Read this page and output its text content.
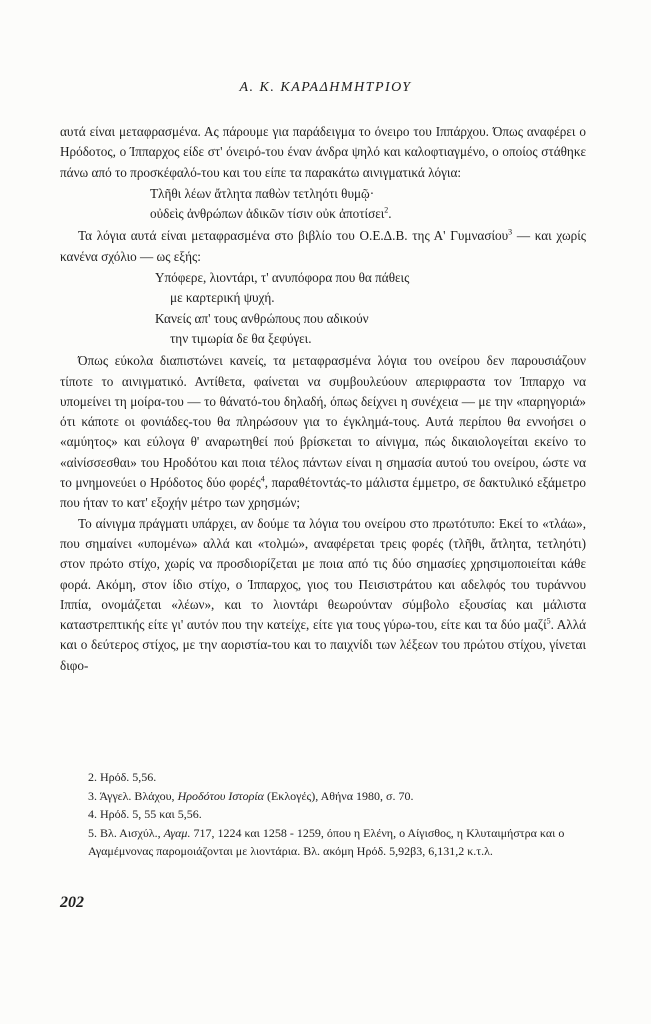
Α. Κ. ΚΑΡΑΔΗΜΗΤΡΙΟΥ

αυτά είναι μεταφρασμένα. Ας πάρουμε για παράδειγμα το όνειρο του Ιππάρχου. Όπως αναφέρει ο Ηρόδοτος, ο Ίππαρχος είδε στ' όνειρό-του έναν άνδρα ψηλό και καλοφτιαγμένο, ο οποίος στάθηκε πάνω από το προσκέφαλό-του και του είπε τα παρακάτω αινιγματικά λόγια:

Τλῆθι λέων ἄτλητα παθὼν τετληότι θυμῷ·

οὐδεὶς ἀνθρώπων ἀδικῶν τίσιν οὐκ ἀποτίσει$^2$.

Τα λόγια αυτά είναι μεταφρασμένα στο βιβλίο του Ο.Ε.Δ.Β. της Α' Γυμνασίου$^3$ — και χωρίς κανένα σχόλιο — ως εξής:

Υπόφερε, λιοντάρι, τ' ανυπόφορα που θα πάθεις

με καρτερική ψυχή.

Κανείς απ' τους ανθρώπους που αδικούν

την τιμωρία δε θα ξεφύγει.

Όπως εύκολα διαπιστώνει κανείς, τα μεταφρασμένα λόγια του ονείρου δεν παρουσιάζουν τίποτε το αινιγματικό. Αντίθετα, φαίνεται να συμβουλεύουν απεριφραστα τον Ίππαρχο να υπομείνει τη μοίρα-του — το θάνατό-του δηλαδή, όπως δείχνει η συνέχεια — με την «παρηγοριά» ότι κάποτε οι φονιάδες-του θα πληρώσουν για το έγκλημά-τους. Αυτά περίπου θα εννοήσει ο «αμύητος» και εύλογα θ' αναρωτηθεί πού βρίσκεται το αίνιγμα, πώς δικαιολογείται εκείνο το «αἰνίσσεσθαι» του Ηροδότου και ποια τέλος πάντων είναι η σημασία αυτού του ονείρου, ώστε να το μνημονεύει ο Ηρόδοτος δύο φορές$^4$, παραθέτοντάς-το μάλιστα έμμετρο, σε δακτυλικό εξάμετρο που ήταν το κατ' εξοχήν μέτρο των χρησμών;

Το αίνιγμα πράγματι υπάρχει, αν δούμε τα λόγια του ονείρου στο πρωτότυπο: Εκεί το «τλάω», που σημαίνει «υπομένω» αλλά και «τολμώ», αναφέρεται τρεις φορές (τλῆθι, ἄτλητα, τετληότι) στον πρώτο στίχο, χωρίς να προσδιορίζεται με ποια από τις δύο σημασίες χρησιμοποιείται κάθε φορά. Ακόμη, στον ίδιο στίχο, ο Ίππαρχος, γιος του Πεισιστράτου και αδελφός του τυράννου Ιππία, ονομάζεται «λέων», και το λιοντάρι θεωρούνταν σύμβολο εξουσίας και μάλιστα καταστρεπτικής είτε γι' αυτόν που την κατείχε, είτε για τους γύρω-του, είτε και τα δύο μαζί$^5$. Αλλά και ο δεύτερος στίχος, με την αοριστία-του και το παιχνίδι των λέξεων του πρώτου στίχου, γίνεται διφο-

2. Ηρόδ. 5,56.

3. Άγγελ. Βλάχου, Ηροδότου Ιστορία (Εκλογές), Αθήνα 1980, σ. 70.

4. Ηρόδ. 5, 55 και 5,56.

5. Βλ. Αισχύλ., Αγαμ. 717, 1224 και 1258 - 1259, όπου η Ελένη, ο Αίγισθος, η Κλυταιμήστρα και ο Αγαμέμνονας παρομοιάζονται με λιοντάρια. Βλ. ακόμη Ηρόδ. 5,92β3, 6,131,2 κ.τ.λ.

202
